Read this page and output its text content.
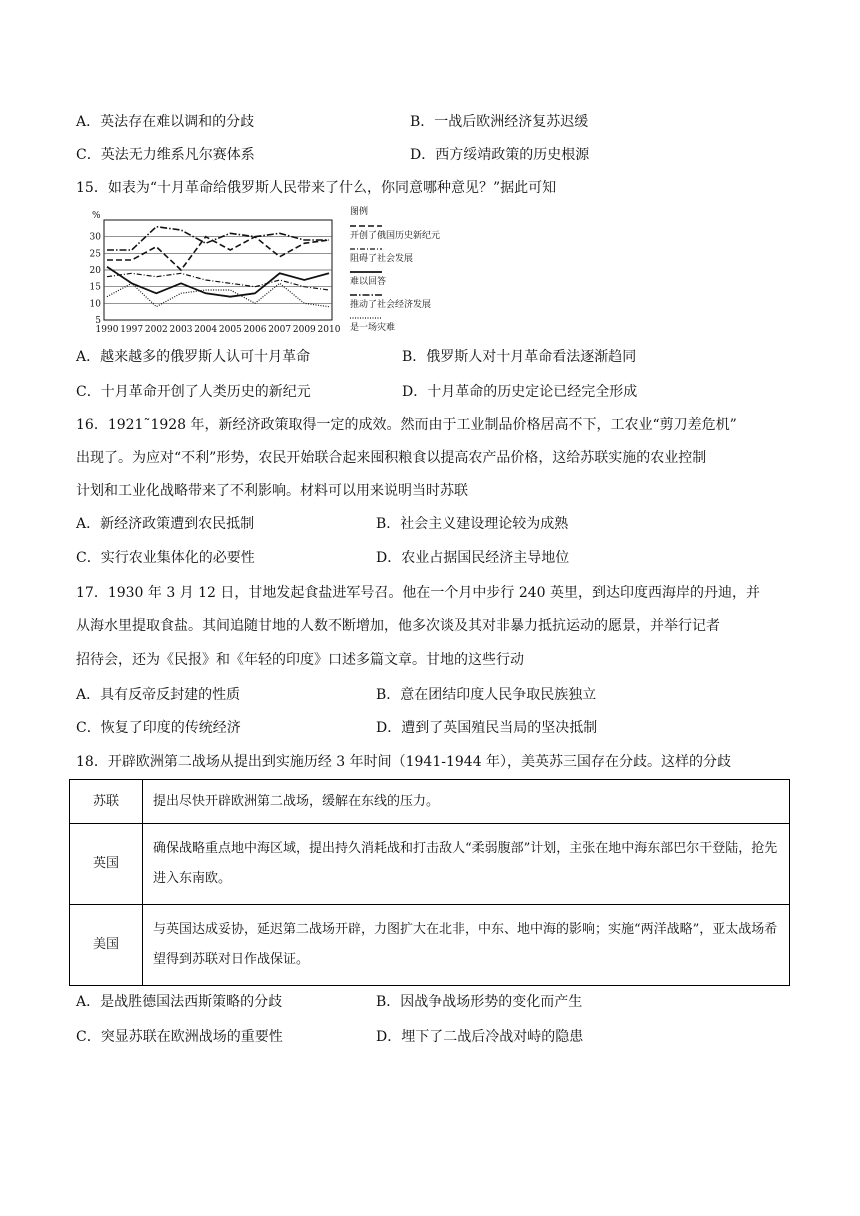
A．英法存在难以调和的分歧	B．一战后欧洲经济复苏迟缓
C．英法无力维系凡尔赛体系	D．西方绥靖政策的历史根源
15．如表为“十月革命给俄罗斯人民带来了什么，你同意哪种意见？”据此可知
5
10
15
20
25
30
%
1990 1997 2002 2003 2004 2005 2006 2007 2009 2010
图例
开创了俄国历史新纪元
阻碍了社会发展
难以回答
推动了社会经济发展
是一场灾难
A．越来越多的俄罗斯人认可十月革命	B．俄罗斯人对十月革命看法逐渐趋同
C．十月革命开创了人类历史的新纪元	D．十月革命的历史定论已经完全形成
16．1921˜1928 年，新经济政策取得一定的成效。然而由于工业制品价格居高不下，工农业“剪刀差危机”
出现了。为应对“不利”形势，农民开始联合起来囤积粮食以提高农产品价格，这给苏联实施的农业控制
计划和工业化战略带来了不利影响。材料可以用来说明当时苏联
A．新经济政策遭到农民抵制	B．社会主义建设理论较为成熟
C．实行农业集体化的必要性	D．农业占据国民经济主导地位
17．1930 年 3 月 12 日，甘地发起食盐进军号召。他在一个月中步行 240 英里，到达印度西海岸的丹迪，并
从海水里提取食盐。其间追随甘地的人数不断增加，他多次谈及其对非暴力抵抗运动的愿景，并举行记者
招待会，还为《民报》和《年轻的印度》口述多篇文章。甘地的这些行动
A．具有反帝反封建的性质	B．意在团结印度人民争取民族独立
C．恢复了印度的传统经济	D．遭到了英国殖民当局的坚决抵制
18．开辟欧洲第二战场从提出到实施历经 3 年时间（1941-1944 年），美英苏三国存在分歧。这样的分歧
苏联	提出尽快开辟欧洲第二战场，缓解在东线的压力。
英国	确保战略重点地中海区域，提出持久消耗战和打击敌人“柔弱腹部”计划，主张在地中海东部巴尔干登陆，抢先进入东南欧。
美国	与英国达成妥协，延迟第二战场开辟，力图扩大在北非，中东、地中海的影响；实施“两洋战略”，亚太战场希望得到苏联对日作战保证。
A．是战胜德国法西斯策略的分歧	B．因战争战场形势的变化而产生
C．突显苏联在欧洲战场的重要性	D．埋下了二战后冷战对峙的隐患
